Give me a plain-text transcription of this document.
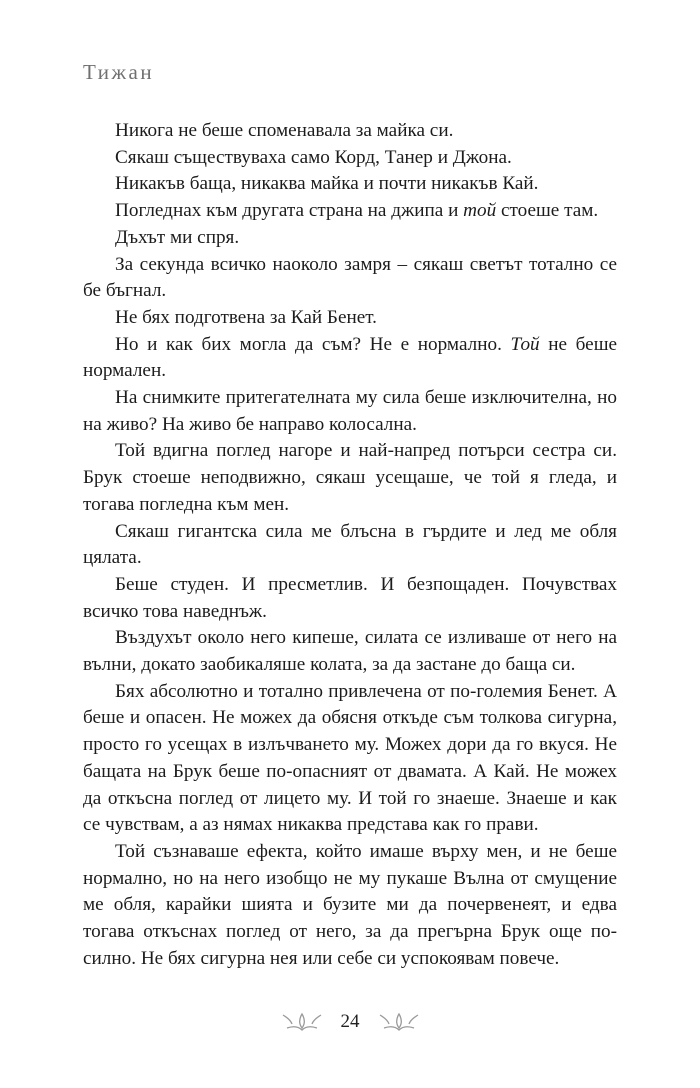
Тижан

Никога не беше споменавала за майка си.

Сякаш съществуваха само Корд, Танер и Джона.

Никакъв баща, никаква майка и почти никакъв Кай.

Погледнах към другата страна на джипа и той стоеше там.

Дъхът ми спря.

За секунда всичко наоколо замря – сякаш светът тотално се бе бъгнал.

Не бях подготвена за Кай Бенет.

Но и как бих могла да съм? Не е нормално. Той не беше нормален.

На снимките притегателната му сила беше изключителна, но на живо? На живо бе направо колосална.

Той вдигна поглед нагоре и най-напред потърси сестра си. Брук стоеше неподвижно, сякаш усещаше, че той я гледа, и тогава погледна към мен.

Сякаш гигантска сила ме блъсна в гърдите и лед ме обля цялата.

Беше студен. И пресметлив. И безпощаден. Почувствах всичко това наведнъж.

Въздухът около него кипеше, силата се изливаше от него на вълни, докато заобикаляше колата, за да застане до баща си.

Бях абсолютно и тотално привлечена от по-големия Бенет. А беше и опасен. Не можех да обясня откъде съм толкова сигурна, просто го усещах в излъчването му. Можех дори да го вкуся. Не бащата на Брук беше по-опасният от двамата. А Кай. Не можех да откъсна поглед от лицето му. И той го знаеше. Знаеше и как се чувствам, а аз нямах никаква представа как го прави.

Той съзнаваше ефекта, който имаше върху мен, и не беше нормално, но на него изобщо не му пукаше Вълна от смущение ме обля, карайки шията и бузите ми да почервенеят, и едва тогава откъснах поглед от него, за да прегърна Брук още по-силно. Не бях сигурна нея или себе си успокоявам повече.

24
